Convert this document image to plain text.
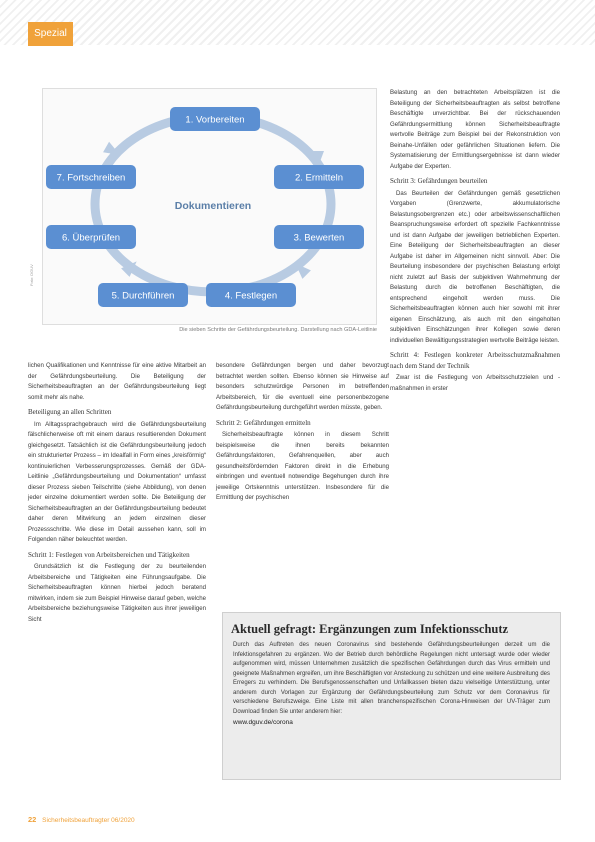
Spezial
Dokumentieren
1. Vorbereiten
2. Ermitteln
3. Bewerten
4. Festlegen
5. Durchführen
6. Überprüfen
7. Fortschreiben
Foto: DGUV
Die sieben Schritte der Gefährdungsbeurteilung. Darstellung nach GDA-Leitlinie

lichen Qualifikationen und Kenntnisse für eine aktive Mitarbeit an der Gefährdungsbeurteilung. Die Beteiligung der Sicherheitsbeauftragten an der Gefährdungsbeurteilung liegt somit mehr als nahe.

Beteiligung an allen Schritten

Im Alltagssprachgebrauch wird die Gefährdungsbeurteilung fälschlicherweise oft mit einem daraus resultierenden Dokument gleichgesetzt. Tatsächlich ist die Gefährdungsbeurteilung jedoch ein strukturierter Prozess – im Idealfall in Form eines „kreisförmig“ kontinuierlichen Verbesserungsprozesses. Gemäß der GDA-Leitlinie „Gefährdungsbeurteilung und Dokumentation“ umfasst dieser Prozess sieben Teilschritte (siehe Abbildung), von denen jeder einzelne dokumentiert werden sollte. Die Beteiligung der Sicherheitsbeauftragten an der Gefährdungsbeurteilung bedeutet daher deren Mitwirkung an jedem einzelnen dieser Prozessschritte. Wie diese im Detail aussehen kann, soll im Folgenden näher beleuchtet werden.

Schritt 1: Festlegen von Arbeitsbereichen und Tätigkeiten

Grundsätzlich ist die Festlegung der zu beurteilenden Arbeitsbereiche und Tätigkeiten eine Führungsaufgabe. Die Sicherheitsbeauftragten können hierbei jedoch beratend mitwirken, indem sie zum Beispiel Hinweise darauf geben, welche Arbeitsbereiche beziehungsweise Tätigkeiten aus ihrer jeweiligen Sicht

besondere Gefährdungen bergen und daher bevorzugt betrachtet werden sollten. Ebenso können sie Hinweise auf besonders schutzwürdige Personen im betreffenden Arbeitsbereich, für die eventuell eine personenbezogene Gefährdungsbeurteilung durchgeführt werden müsste, geben.

Schritt 2: Gefährdungen ermitteln

Sicherheitsbeauftragte können in diesem Schritt beispielsweise die ihnen bereits bekannten Gefährdungsfaktoren, Gefahrenquellen, aber auch gesundheitsfördernden Faktoren direkt in die Erhebung einbringen und eventuell notwendige Begehungen durch ihre jeweilige Ortskenntnis unterstützen. Insbesondere für die Ermittlung der psychischen

Belastung an den betrachteten Arbeitsplätzen ist die Beteiligung der Sicherheitsbeauftragten als selbst betroffene Beschäftigte unverzichtbar. Bei der rückschauenden Gefährdungsermittlung können Sicherheitsbeauftragte wertvolle Beiträge zum Beispiel bei der Rekonstruktion von Beinahe-Unfällen oder gefährlichen Situationen liefern. Die Systematisierung der Ermittlungsergebnisse ist dann wieder Aufgabe der Experten.

Schritt 3: Gefährdungen beurteilen

Das Beurteilen der Gefährdungen gemäß gesetzlichen Vorgaben (Grenzwerte, akkumulatorische Belastungsobergrenzen etc.) oder arbeitswissenschaftlichen Beanspruchungsweise erfordert oft spezielle Fachkenntnisse und ist dann Aufgabe der jeweiligen betrieblichen Experten. Eine Beteiligung der Sicherheitsbeauftragten an dieser Aufgabe ist daher im Allgemeinen nicht sinnvoll. Aber: Die Beurteilung insbesondere der psychischen Belastung erfolgt nicht zuletzt auf Basis der subjektiven Wahrnehmung der Belastung durch die betroffenen Beschäftigten, die entsprechend eingeholt werden muss. Die Sicherheitsbeauftragten können auch hier sowohl mit ihrer eigenen Einschätzung, als auch mit den eingeholten subjektiven Einschätzungen ihrer Kollegen sowie deren individuellen Bewältigungsstrategien wertvolle Beiträge leisten.

Schritt 4: Festlegen konkreter Arbeitsschutzmaßnahmen nach dem Stand der Technik

Zwar ist die Festlegung von Arbeitsschutzzielen und -maßnahmen in erster

Aktuell gefragt: Ergänzungen zum Infektionsschutz

Durch das Auftreten des neuen Coronavirus sind bestehende Gefährdungsbeurteilungen derzeit um die Infektionsgefahren zu ergänzen. Wo der Betrieb durch behördliche Regelungen nicht untersagt wurde oder wieder aufgenommen wird, müssen Unternehmen zusätzlich die spezifischen Gefährdungen durch das Virus ermitteln und geeignete Maßnahmen ergreifen, um ihre Beschäftigten vor Ansteckung zu schützen und eine weitere Ausbreitung des Erregers zu verhindern. Die Berufsgenossenschaften und Unfallkassen bieten dazu vielseitige Unterstützung, unter anderem durch Vorlagen zur Ergänzung der Gefährdungsbeurteilung zum Schutz vor dem Coronavirus für verschiedene Berufszweige. Eine Liste mit allen branchenspezifischen Corona-Hinweisen der UV-Träger zum Download finden Sie unter anderem hier:

www.dguv.de/corona
22 Sicherheitsbeauftragter 06/2020
